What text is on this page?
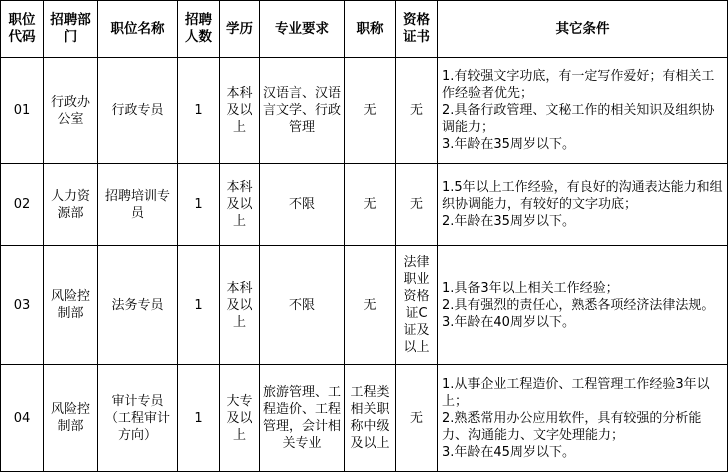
职位代码	招聘部门	职位名称	招聘人数	学历	专业要求	职称	资格证书	其它条件
01	行政办公室	行政专员	1	本科及以上	汉语言、汉语言文学、行政管理	无	无	1.有较强文字功底，有一定写作爱好；有相关工作经验者优先；
2.具备行政管理、文秘工作的相关知识及组织协调能力；
3.年龄在35周岁以下。

02	人力资源部	招聘培训专员	1	本科及以上	不限	无	无	1.5年以上工作经验，有良好的沟通表达能力和组织协调能力，有较好的文字功底；
2.年龄在35周岁以下。

03	风险控制部	法务专员	1	本科及以上	不限	无	法律职业资格证C证及以上	1.具备3年以上相关工作经验；
2.具有强烈的责任心，熟悉各项经济法律法规。
3.年龄在40周岁以下。

04	风险控制部	审计专员（工程审计方向）	1	大专及以上	旅游管理、工程造价、工程管理，会计相关专业	工程类相关职称中级及以上	无	1.从事企业工程造价、工程管理工作经验3年以上；
2.熟悉常用办公应用软件，具有较强的分析能力、沟通能力、文字处理能力；
3.年龄在45周岁以下。
